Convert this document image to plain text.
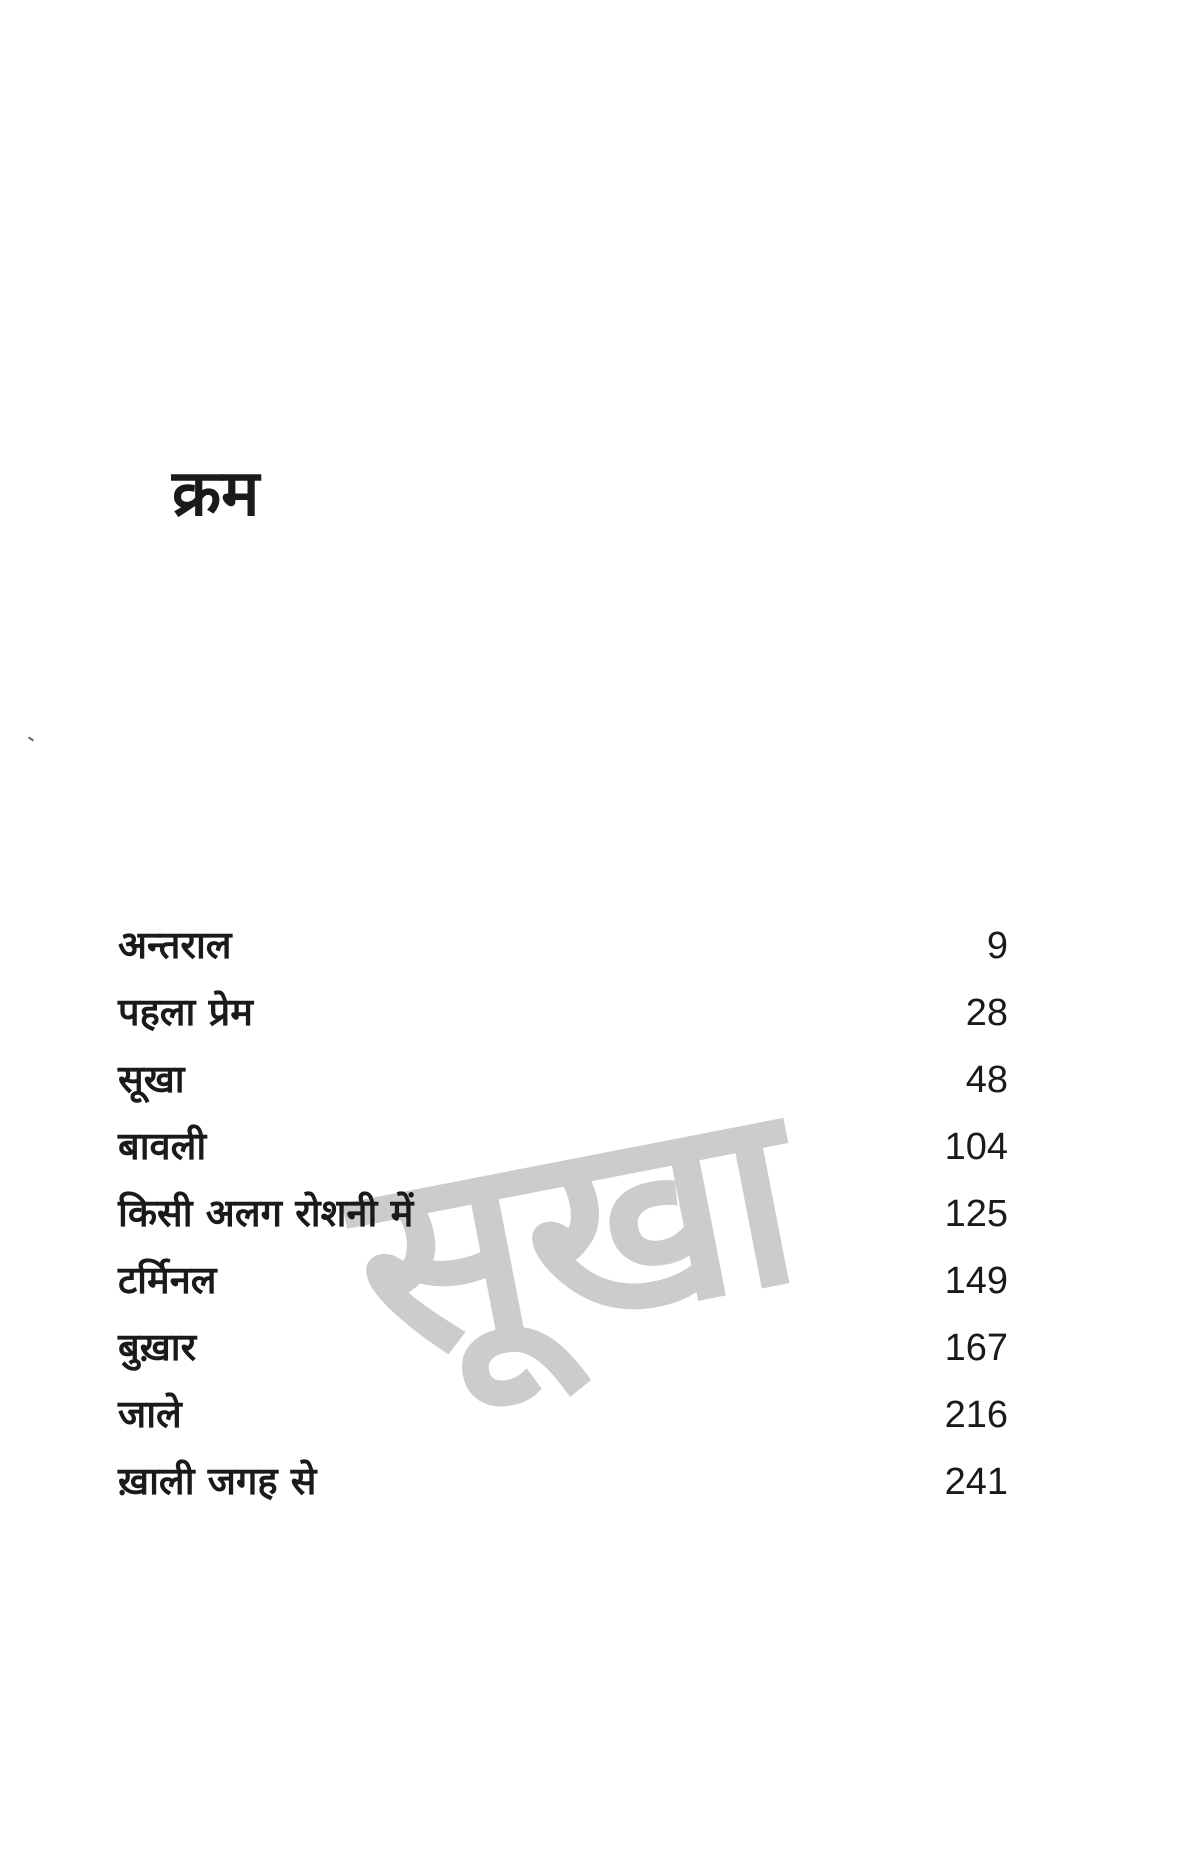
क्रम
सूखा
अन्तराल	9
पहला प्रेम	28
सूखा	48
बावली	104
किसी अलग रोशनी में	125
टर्मिनल	149
बुख़ार	167
जाले	216
ख़ाली जगह से	241
